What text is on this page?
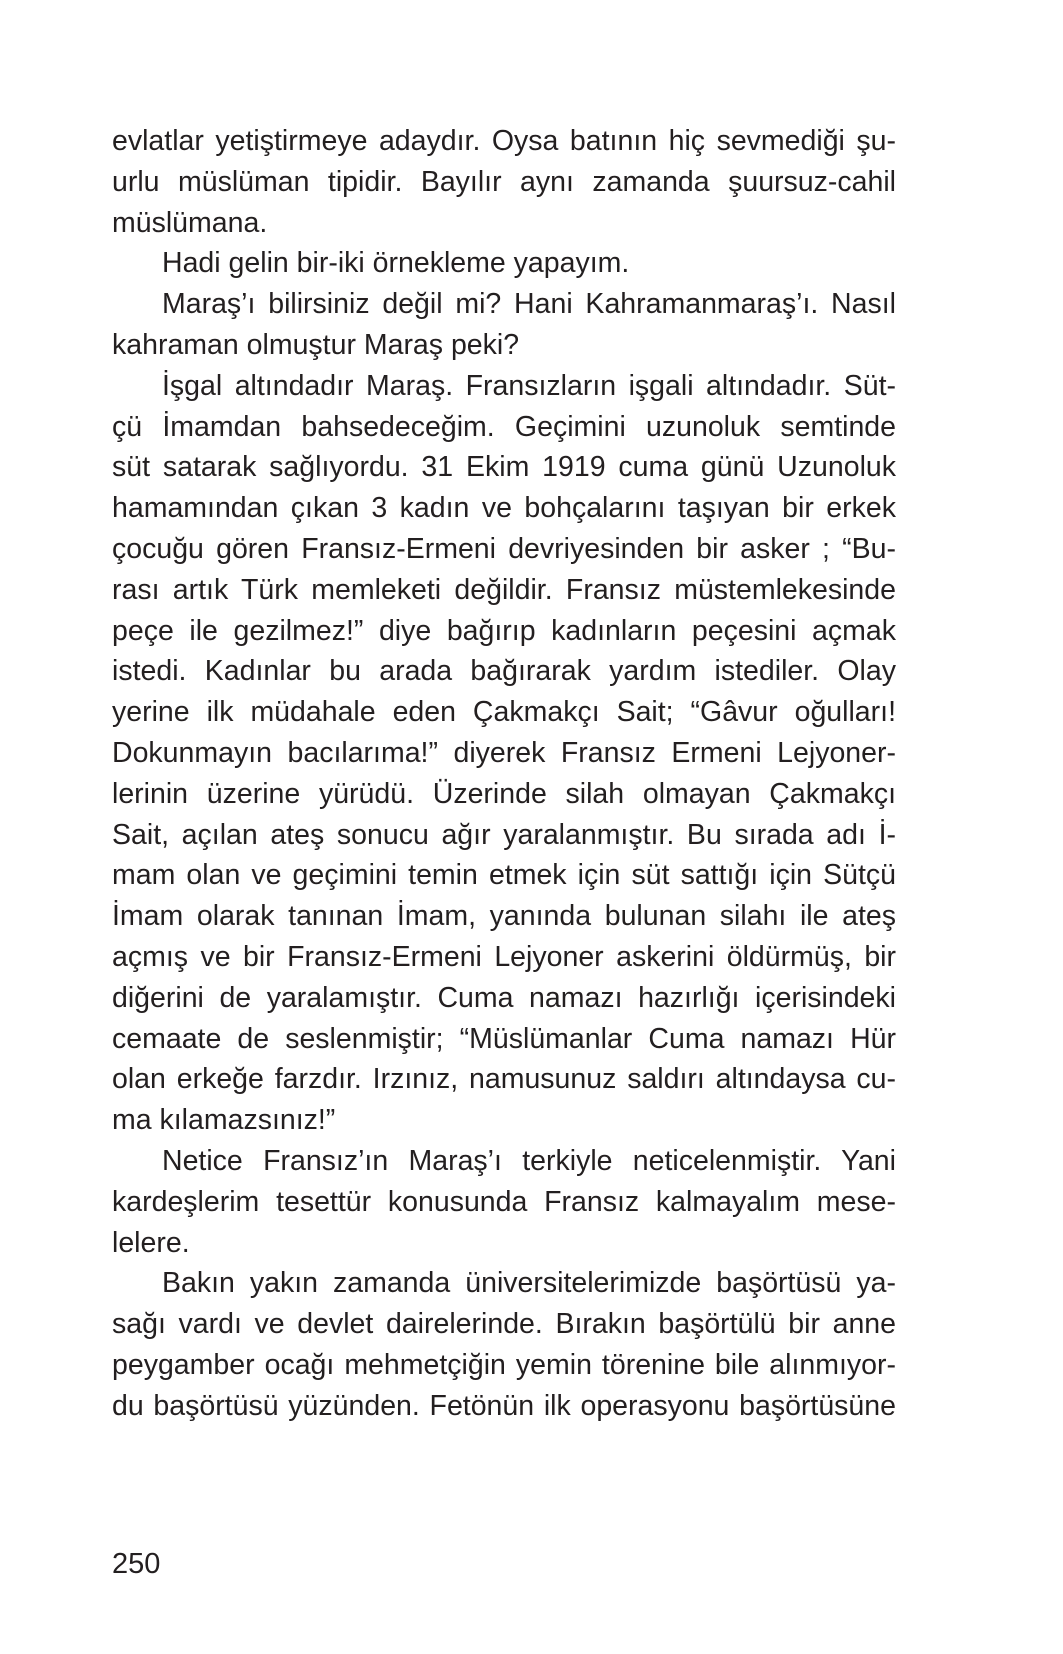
evlatlar yetiştirmeye adaydır. Oysa batının hiç sevmediği şu-
urlu müslüman tipidir. Bayılır aynı zamanda şuursuz-cahil
müslümana.

Hadi gelin bir-iki örnekleme yapayım.

Maraş’ı bilirsiniz değil mi? Hani Kahramanmaraş’ı. Nasıl
kahraman olmuştur Maraş peki?

İşgal altındadır Maraş. Fransızların işgali altındadır. Süt-
çü İmamdan bahsedeceğim. Geçimini uzunoluk semtinde
süt satarak sağlıyordu. 31 Ekim 1919 cuma günü Uzunoluk
hamamından çıkan 3 kadın ve bohçalarını taşıyan bir erkek
çocuğu gören Fransız-Ermeni devriyesinden bir asker ; “Bu-
rası artık Türk memleketi değildir. Fransız müstemlekesinde
peçe ile gezilmez!” diye bağırıp kadınların peçesini açmak
istedi. Kadınlar bu arada bağırarak yardım istediler. Olay
yerine ilk müdahale eden Çakmakçı Sait; “Gâvur oğulları!
Dokunmayın bacılarıma!” diyerek Fransız Ermeni Lejyoner-
lerinin üzerine yürüdü. Üzerinde silah olmayan Çakmakçı
Sait, açılan ateş sonucu ağır yaralanmıştır. Bu sırada adı İ-
mam olan ve geçimini temin etmek için süt sattığı için Sütçü
İmam olarak tanınan İmam, yanında bulunan silahı ile ateş
açmış ve bir Fransız-Ermeni Lejyoner askerini öldürmüş, bir
diğerini de yaralamıştır. Cuma namazı hazırlığı içerisindeki
cemaate de seslenmiştir; “Müslümanlar Cuma namazı Hür
olan erkeğe farzdır. Irzınız, namusunuz saldırı altındaysa cu-
ma kılamazsınız!”

Netice Fransız’ın Maraş’ı terkiyle neticelenmiştir. Yani
kardeşlerim tesettür konusunda Fransız kalmayalım mese-
lelere.

Bakın yakın zamanda üniversitelerimizde başörtüsü ya-
sağı vardı ve devlet dairelerinde. Bırakın başörtülü bir anne
peygamber ocağı mehmetçiğin yemin törenine bile alınmıyor-
du başörtüsü yüzünden. Fetönün ilk operasyonu başörtüsüne

250
